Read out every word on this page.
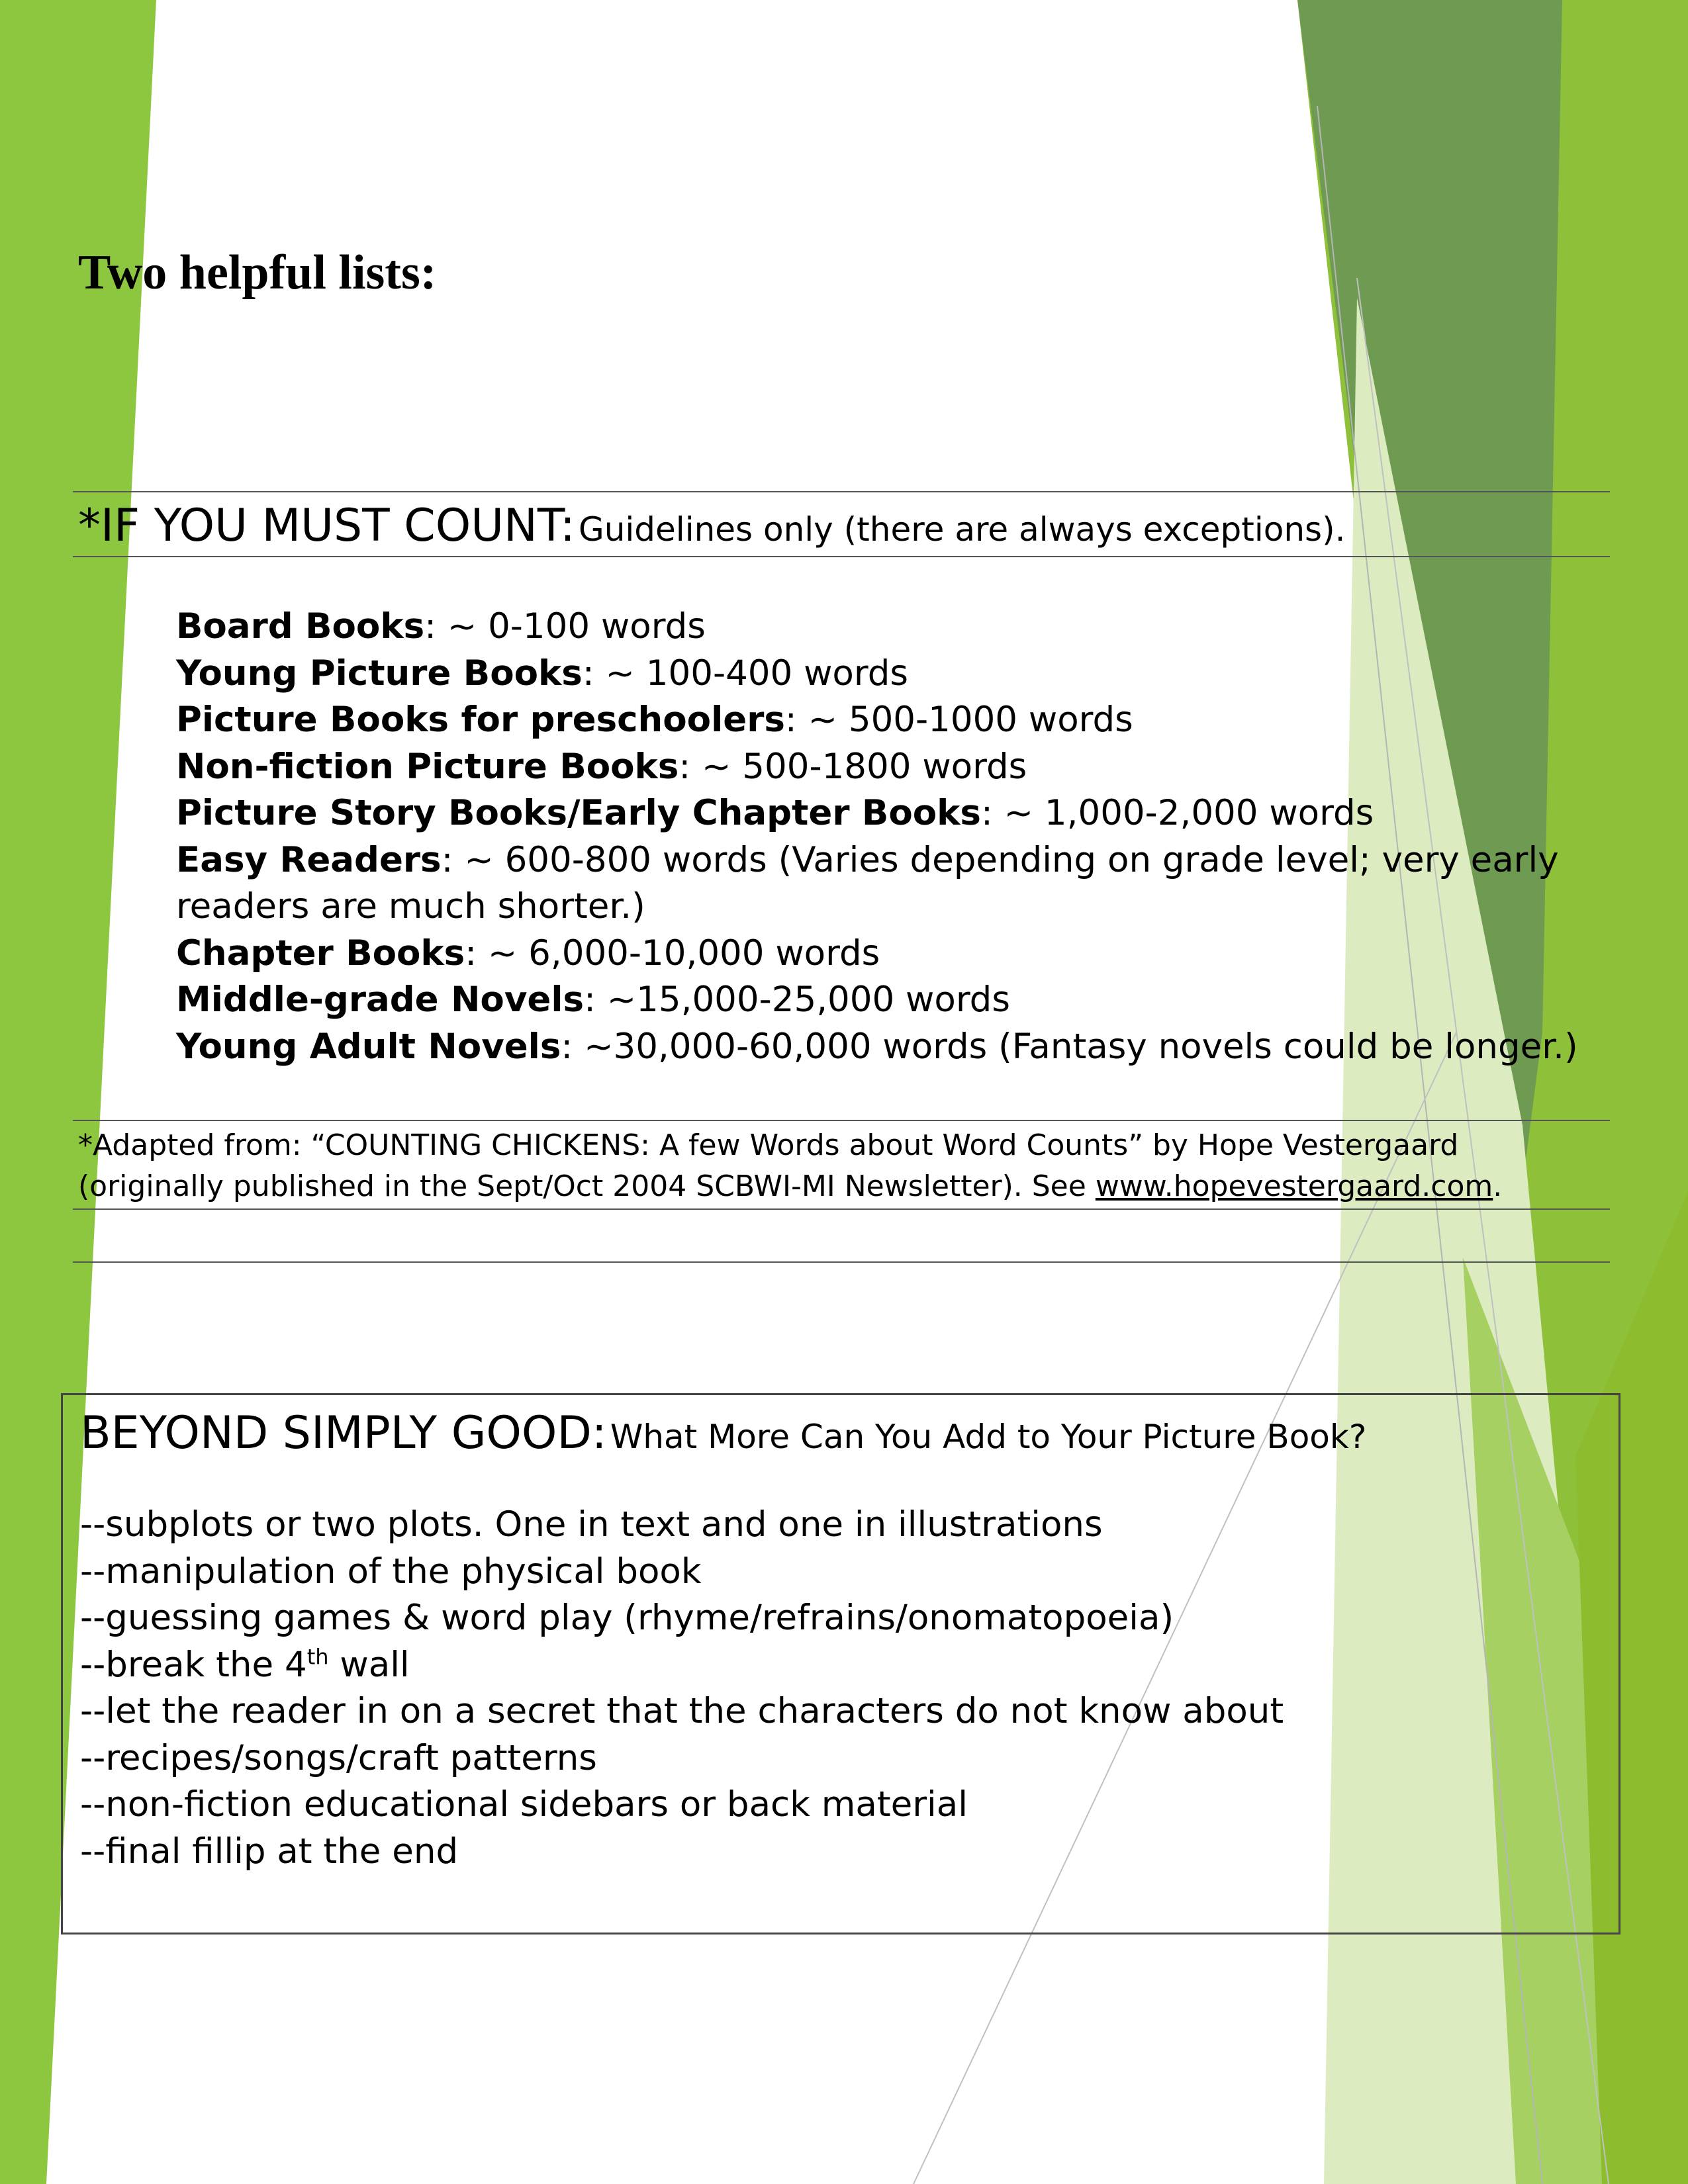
Two helpful lists:
*IF YOU MUST COUNT: Guidelines only (there are always exceptions).
Board Books: ~ 0-100 words
Young Picture Books: ~ 100-400 words
Picture Books for preschoolers: ~ 500-1000 words
Non-fiction Picture Books: ~ 500-1800 words
Picture Story Books/Early Chapter Books: ~ 1,000-2,000 words
Easy Readers: ~ 600-800 words (Varies depending on grade level; very early readers are much shorter.)
Chapter Books: ~ 6,000-10,000 words
Middle-grade Novels: ~15,000-25,000 words
Young Adult Novels: ~30,000-60,000 words (Fantasy novels could be longer.)
*Adapted from: “COUNTING CHICKENS: A few Words about Word Counts” by Hope Vestergaard (originally published in the Sept/Oct 2004 SCBWI-MI Newsletter). See www.hopevestergaard.com.
BEYOND SIMPLY GOOD: What More Can You Add to Your Picture Book?
--subplots or two plots. One in text and one in illustrations
--manipulation of the physical book
--guessing games & word play (rhyme/refrains/onomatopoeia)
--break the 4th wall
--let the reader in on a secret that the characters do not know about
--recipes/songs/craft patterns
--non-fiction educational sidebars or back material
--final fillip at the end
